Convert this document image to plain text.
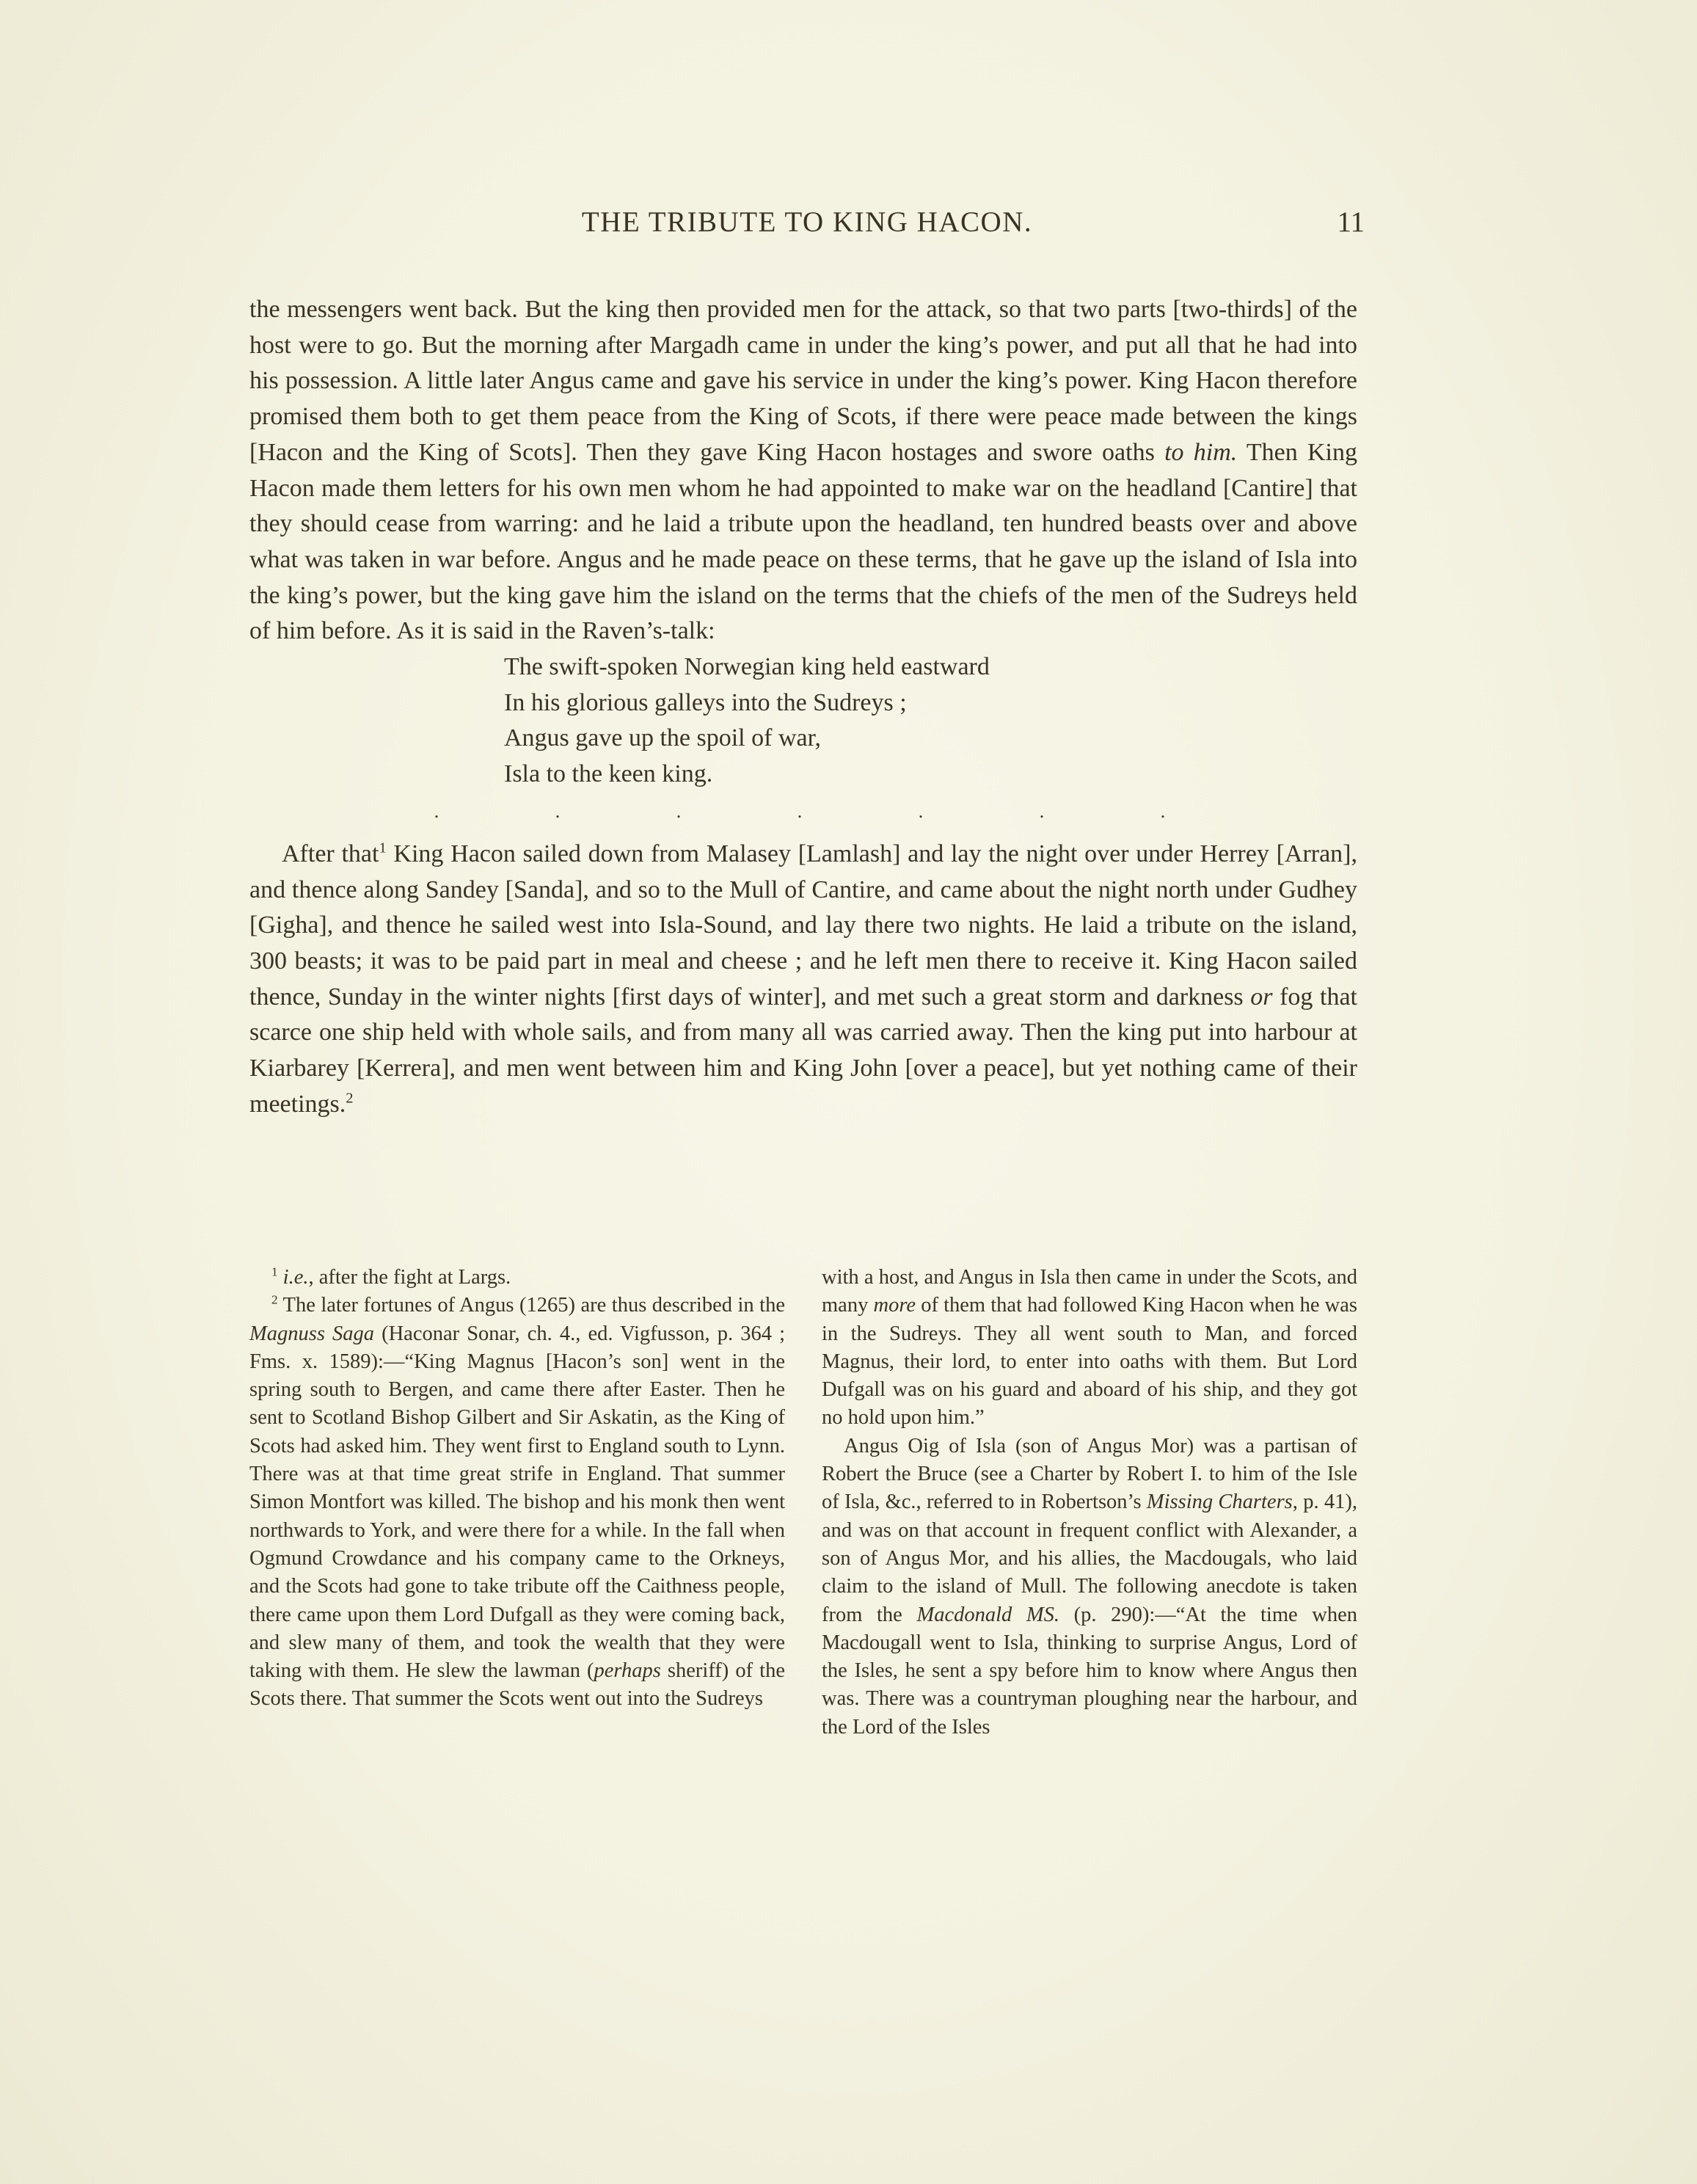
THE TRIBUTE TO KING HACON.	11

the messengers went back. But the king then provided men for the attack, so that two parts [two-thirds] of the host were to go. But the morning after Margadh came in under the king’s power, and put all that he had into his possession. A little later Angus came and gave his service in under the king’s power. King Hacon therefore promised them both to get them peace from the King of Scots, if there were peace made between the kings [Hacon and the King of Scots]. Then they gave King Hacon hostages and swore oaths to him. Then King Hacon made them letters for his own men whom he had appointed to make war on the headland [Cantire] that they should cease from warring: and he laid a tribute upon the headland, ten hundred beasts over and above what was taken in war before. Angus and he made peace on these terms, that he gave up the island of Isla into the king’s power, but the king gave him the island on the terms that the chiefs of the men of the Sudreys held of him before. As it is said in the Raven’s-talk:

The swift-spoken Norwegian king held eastward
In his glorious galleys into the Sudreys ;
Angus gave up the spoil of war,
Isla to the keen king.
.	.	.	.	.	.	.

After that$^1$ King Hacon sailed down from Malasey [Lamlash] and lay the night over under Herrey [Arran], and thence along Sandey [Sanda], and so to the Mull of Cantire, and came about the night north under Gudhey [Gigha], and thence he sailed west into Isla-Sound, and lay there two nights. He laid a tribute on the island, 300 beasts; it was to be paid part in meal and cheese ; and he left men there to receive it. King Hacon sailed thence, Sunday in the winter nights [first days of winter], and met such a great storm and darkness or fog that scarce one ship held with whole sails, and from many all was carried away. Then the king put into harbour at Kiarbarey [Kerrera], and men went between him and King John [over a peace], but yet nothing came of their meetings.$^2$

$^1$ i.e., after the fight at Largs.

$^2$ The later fortunes of Angus (1265) are thus described in the Magnuss Saga (Haconar Sonar, ch. 4., ed. Vigfusson, p. 364 ; Fms. x. 1589):—“King Magnus [Hacon’s son] went in the spring south to Bergen, and came there after Easter. Then he sent to Scotland Bishop Gilbert and Sir Askatin, as the King of Scots had asked him. They went first to England south to Lynn. There was at that time great strife in England. That summer Simon Montfort was killed. The bishop and his monk then went northwards to York, and were there for a while. In the fall when Ogmund Crowdance and his company came to the Orkneys, and the Scots had gone to take tribute off the Caithness people, there came upon them Lord Dufgall as they were coming back, and slew many of them, and took the wealth that they were taking with them. He slew the lawman (perhaps sheriff) of the Scots there. That summer the Scots went out into the Sudreys

with a host, and Angus in Isla then came in under the Scots, and many more of them that had followed King Hacon when he was in the Sudreys. They all went south to Man, and forced Magnus, their lord, to enter into oaths with them. But Lord Dufgall was on his guard and aboard of his ship, and they got no hold upon him.”

Angus Oig of Isla (son of Angus Mor) was a partisan of Robert the Bruce (see a Charter by Robert I. to him of the Isle of Isla, &c., referred to in Robertson’s Missing Charters, p. 41), and was on that account in frequent conflict with Alexander, a son of Angus Mor, and his allies, the Macdougals, who laid claim to the island of Mull. The following anecdote is taken from the Macdonald MS. (p. 290):—“At the time when Macdougall went to Isla, thinking to surprise Angus, Lord of the Isles, he sent a spy before him to know where Angus then was. There was a countryman ploughing near the harbour, and the Lord of the Isles
